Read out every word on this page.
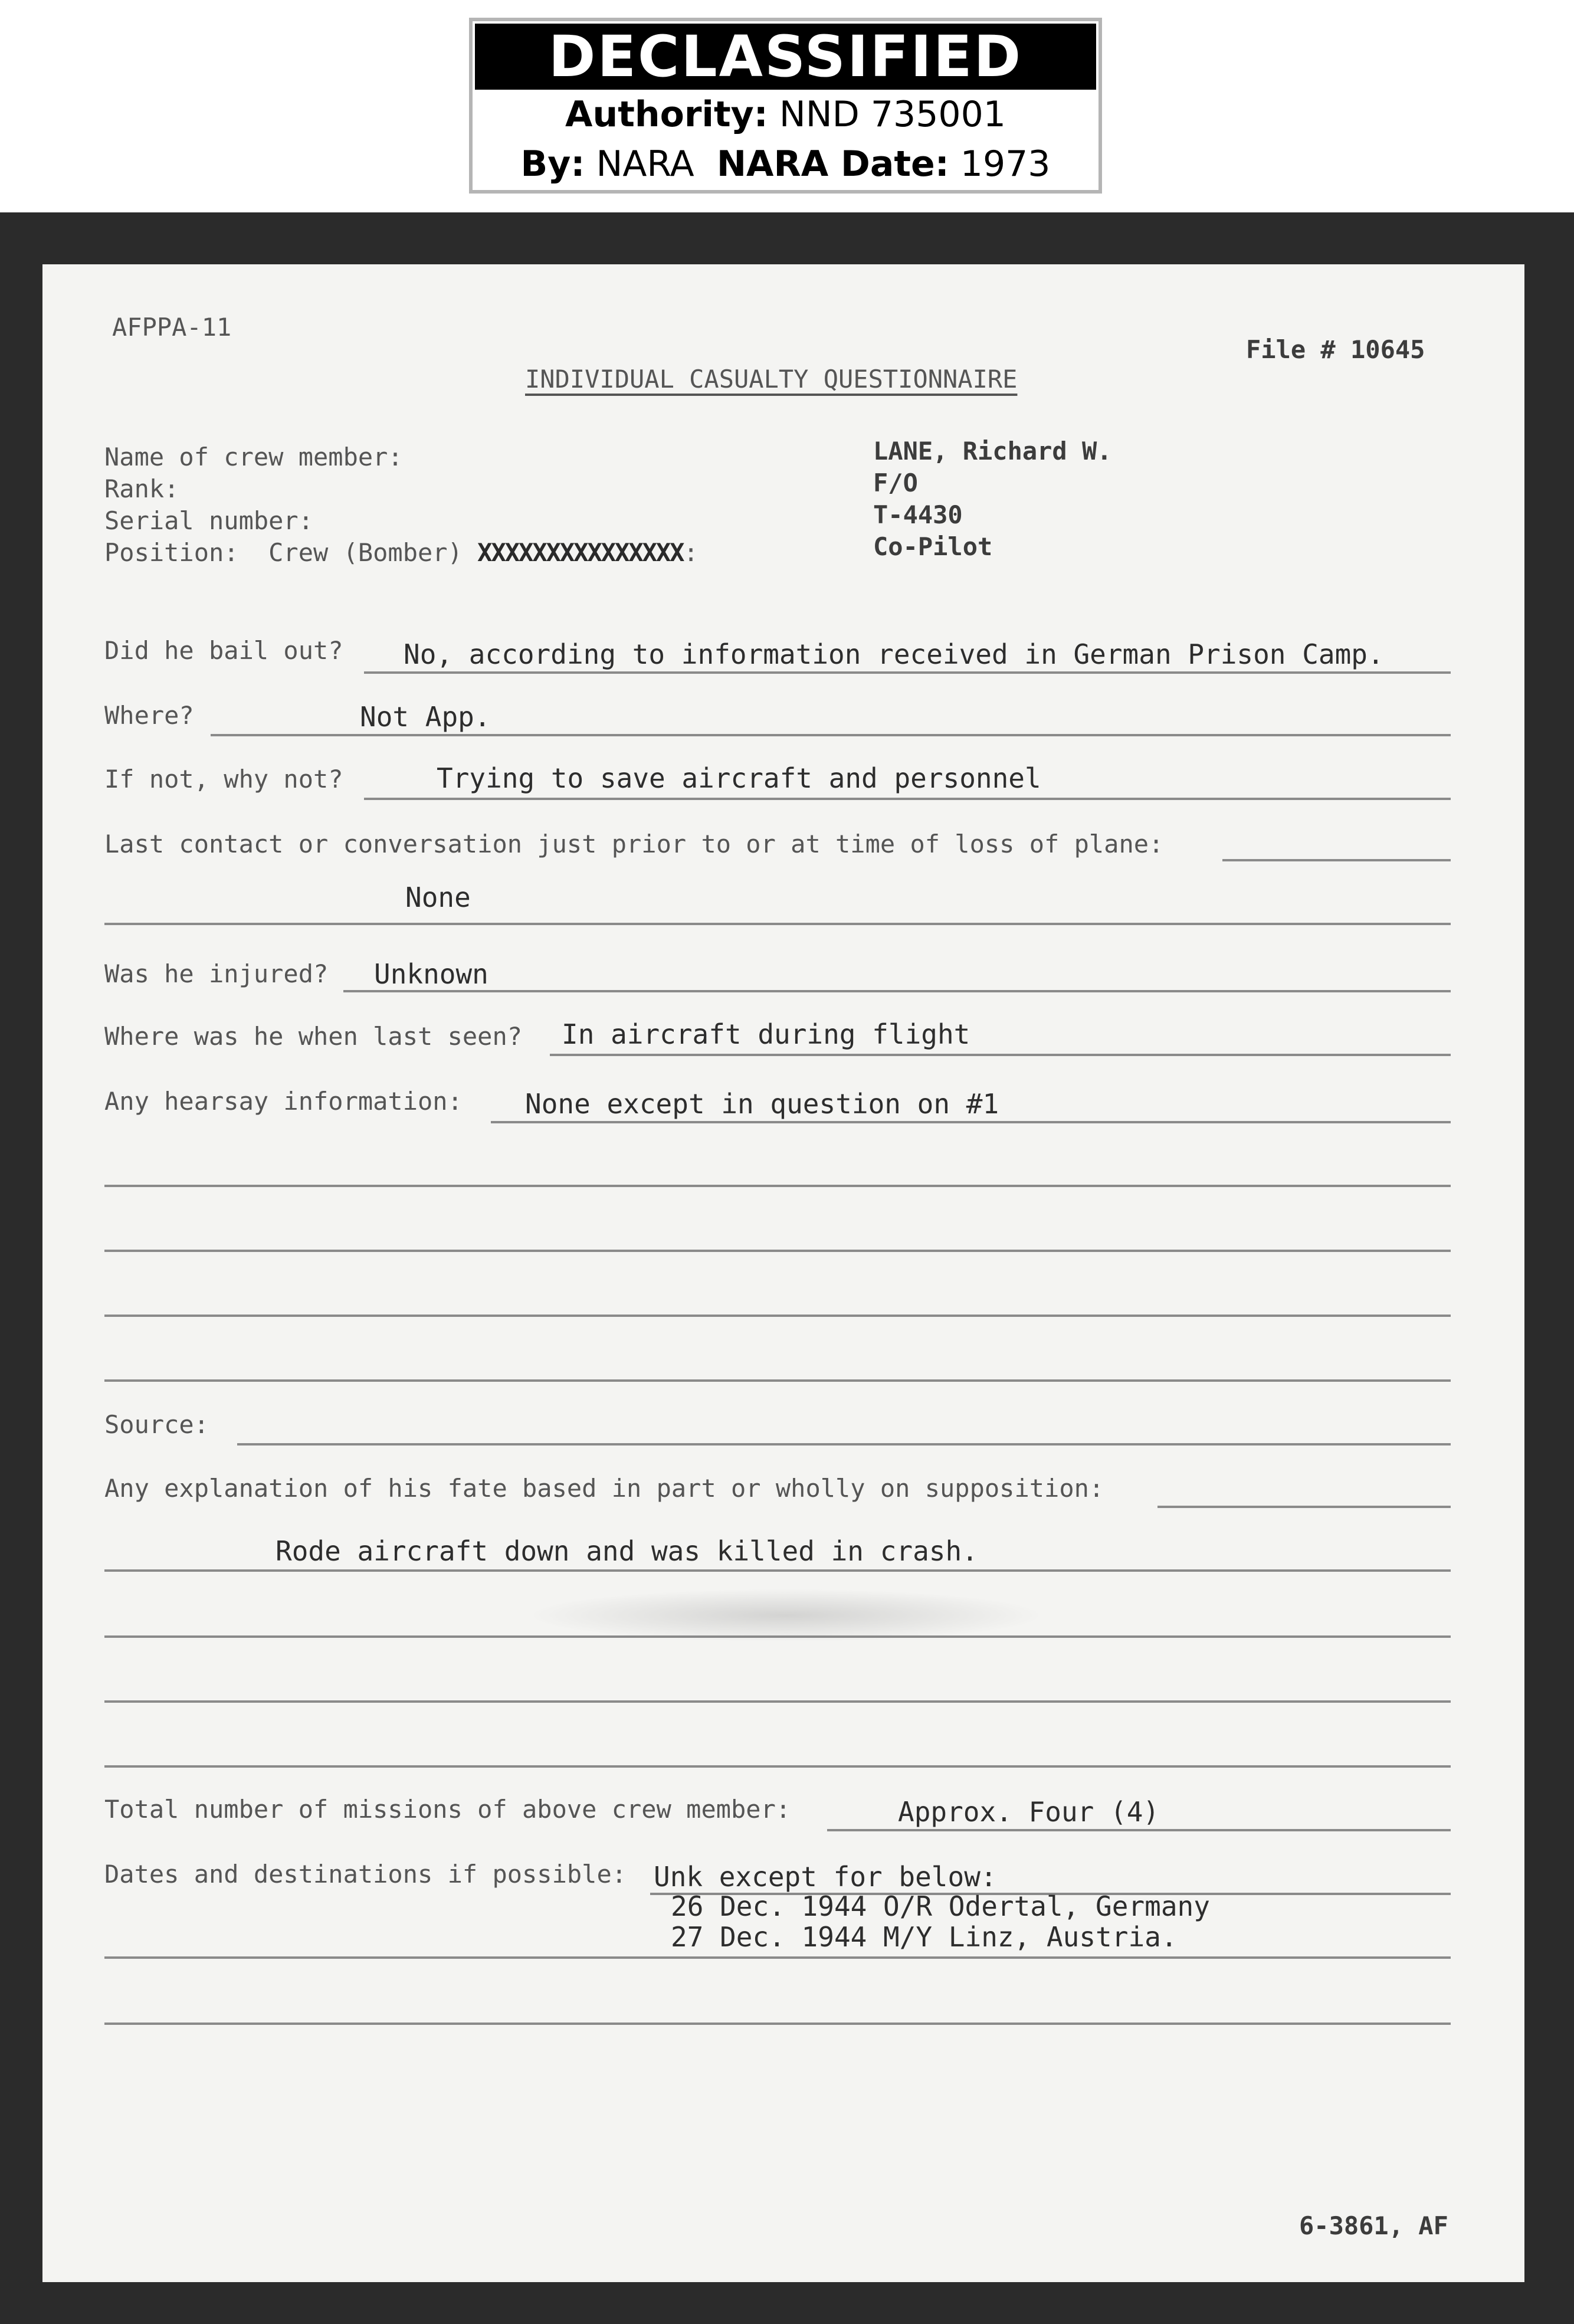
DECLASSIFIED
Authority: NND 735001
By: NARA NARA Date: 1973
AFPPA-11
File # 10645
INDIVIDUAL CASUALTY QUESTIONNAIRE
Name of crew member:	LANE, Richard W.
Rank:	F/O
Serial number:	T-4430
Position:  Crew (Bomber) XXXXXXXXXXXXXXX:	Co-Pilot
Did he bail out? No, according to information received in German Prison Camp.
Where?	Not App.
If not, why not?	Trying to save aircraft and personnel
Last contact or conversation just prior to or at time of loss of plane:
None
Was he injured? Unknown
Where was he when last seen? In aircraft during flight
Any hearsay information: None except in question on #1
Source:
Any explanation of his fate based in part or wholly on supposition:
Rode aircraft down and was killed in crash.
Total number of missions of above crew member:	Approx. Four (4)
Dates and destinations if possible: Unk except for below:
26 Dec. 1944 O/R Odertal, Germany
27 Dec. 1944 M/Y Linz, Austria.
6-3861, AF
